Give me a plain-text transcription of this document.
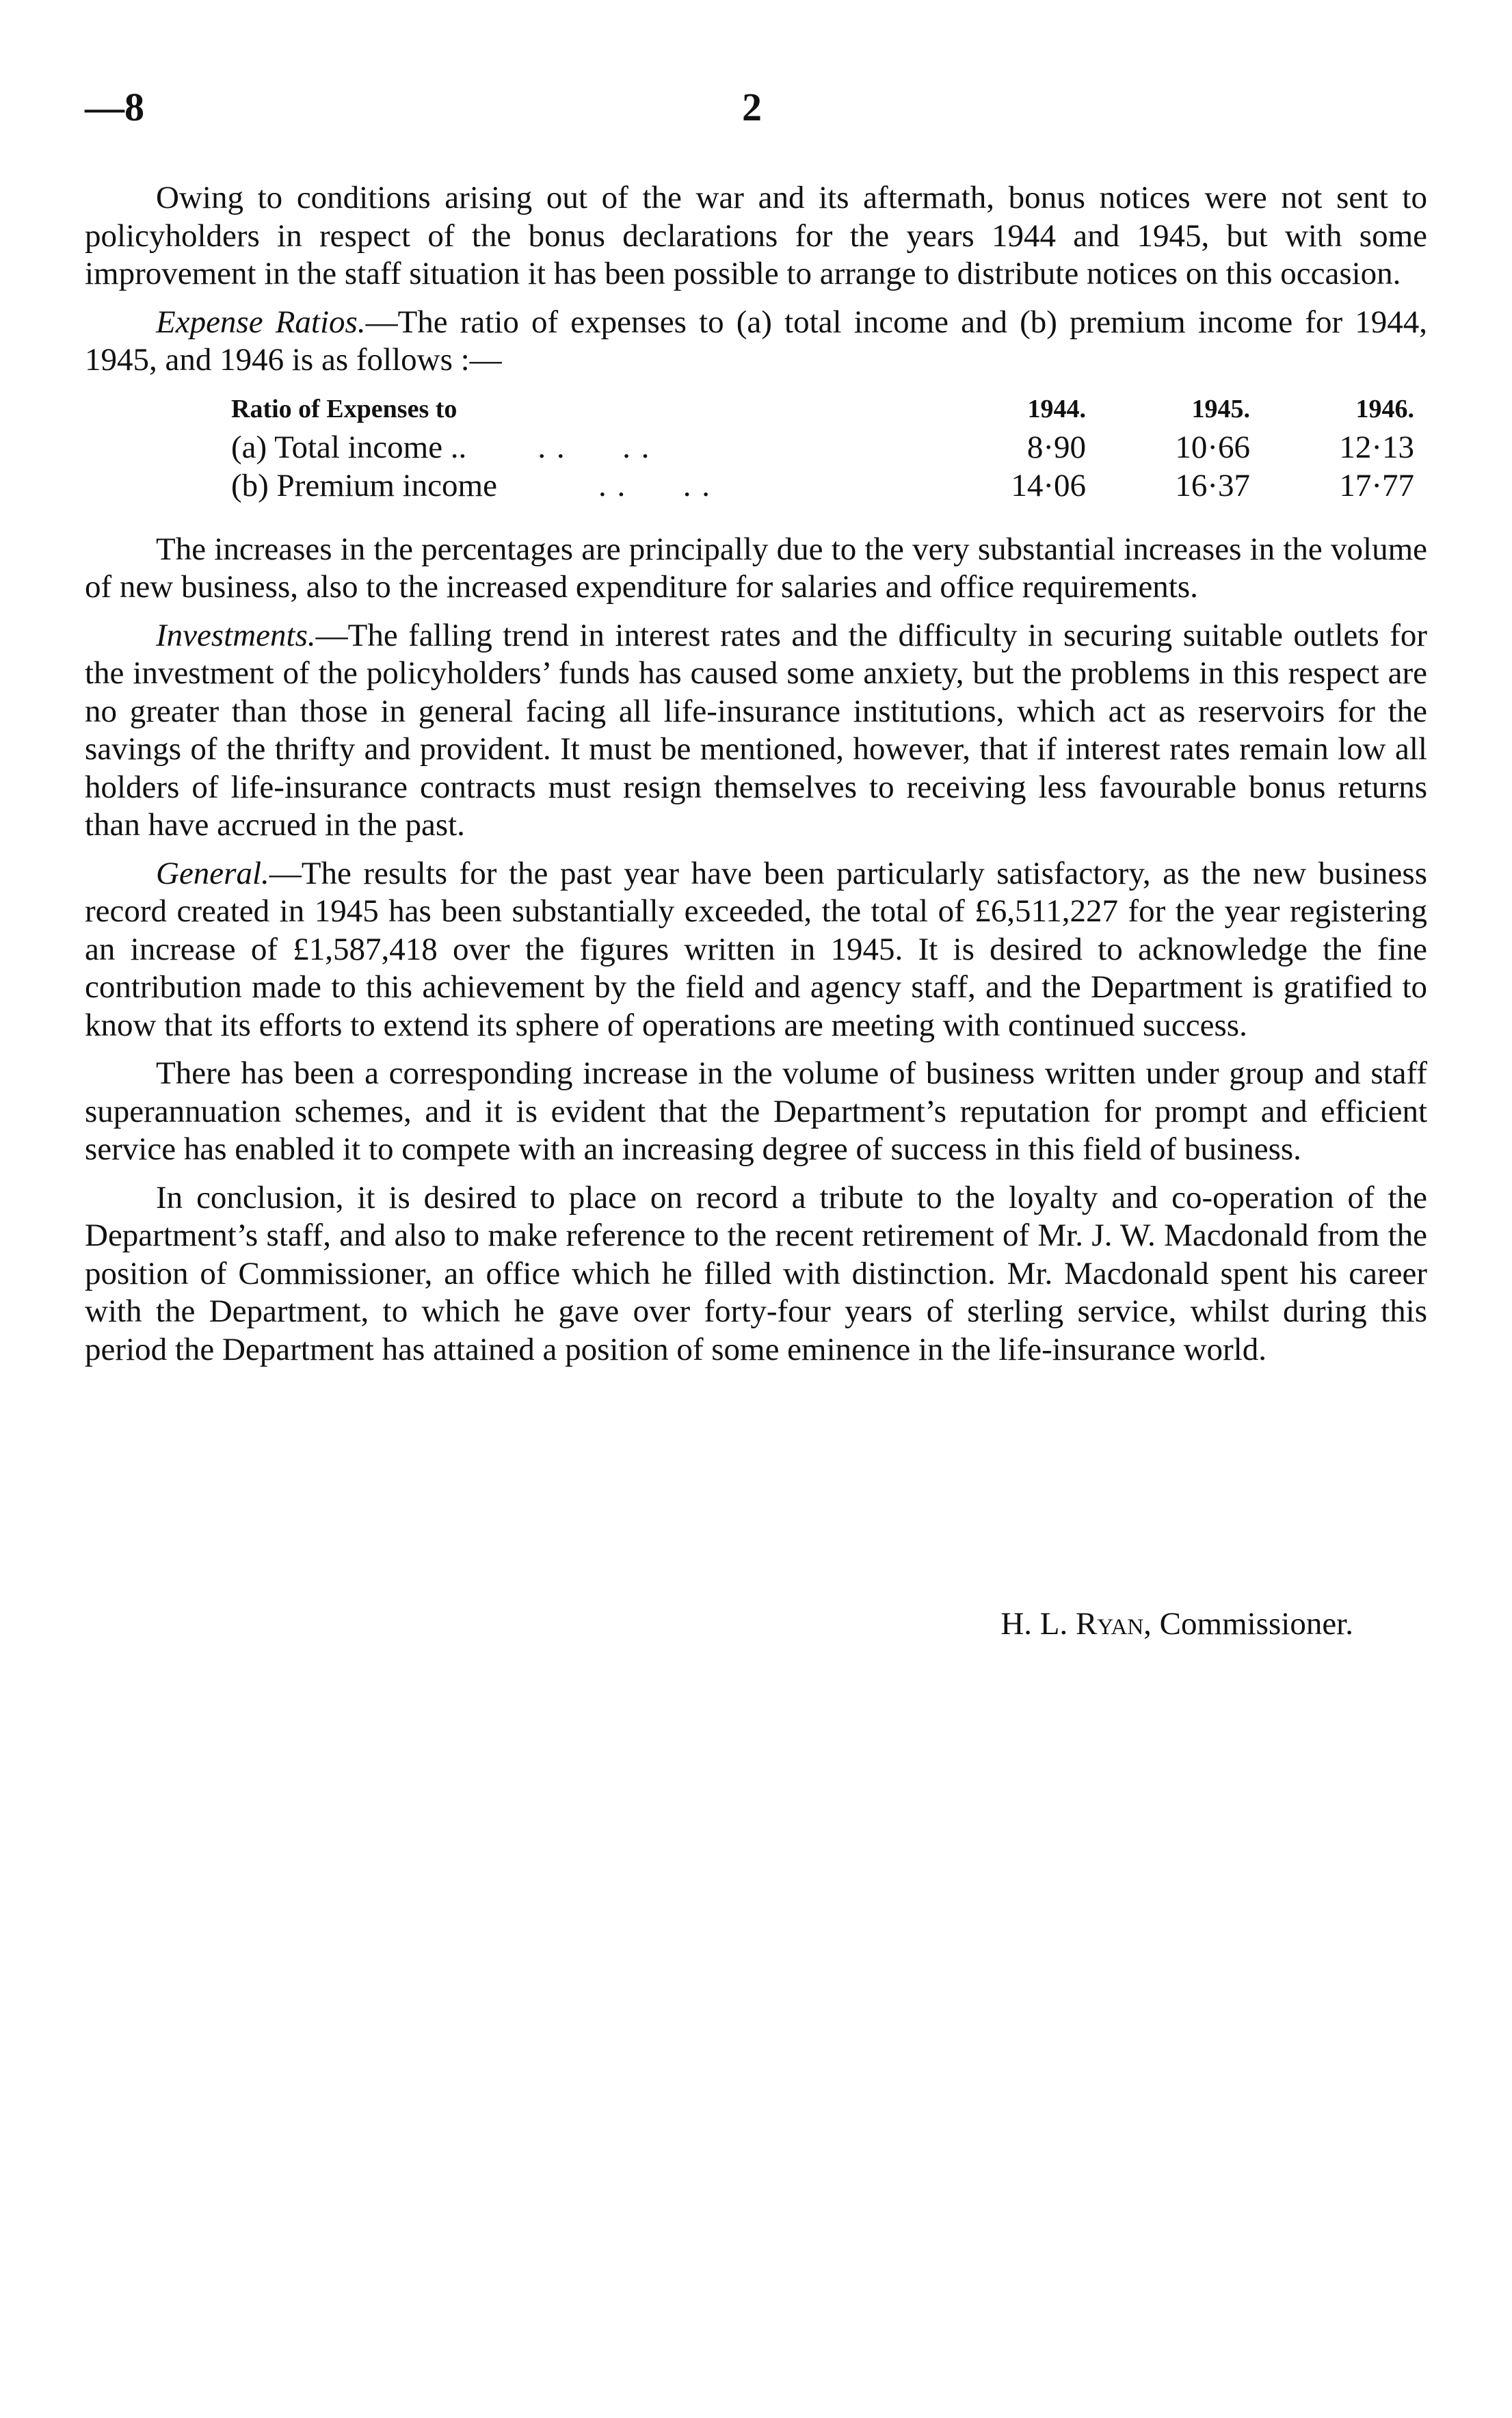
—8	2

Owing to conditions arising out of the war and its aftermath, bonus notices were not sent to policyholders in respect of the bonus declarations for the years 1944 and 1945, but with some improvement in the staff situation it has been possible to arrange to distribute notices on this occasion.

Expense Ratios.—The ratio of expenses to (a) total income and (b) premium income for 1944, 1945, and 1946 is as follows :—

Ratio of Expenses to	1944.	1945.	1946.
(a) Total income .. . .      . .	8·90	10·66	12·13
(b) Premium income . .      . .	14·06	16·37	17·77

The increases in the percentages are principally due to the very substantial increases in the volume of new business, also to the increased expenditure for salaries and office requirements.

Investments.—The falling trend in interest rates and the difficulty in securing suitable outlets for the investment of the policyholders’ funds has caused some anxiety, but the problems in this respect are no greater than those in general facing all life-insurance institutions, which act as reservoirs for the savings of the thrifty and provident. It must be mentioned, however, that if interest rates remain low all holders of life-insurance contracts must resign themselves to receiving less favourable bonus returns than have accrued in the past.

General.—The results for the past year have been particularly satisfactory, as the new business record created in 1945 has been substantially exceeded, the total of £6,511,227 for the year registering an increase of £1,587,418 over the figures written in 1945. It is desired to acknowledge the fine contribution made to this achievement by the field and agency staff, and the Department is gratified to know that its efforts to extend its sphere of operations are meeting with continued success.

There has been a corresponding increase in the volume of business written under group and staff superannuation schemes, and it is evident that the Department’s reputation for prompt and efficient service has enabled it to compete with an increasing degree of success in this field of business.

In conclusion, it is desired to place on record a tribute to the loyalty and co-operation of the Department’s staff, and also to make reference to the recent retirement of Mr. J. W. Macdonald from the position of Commissioner, an office which he filled with distinction. Mr. Macdonald spent his career with the Department, to which he gave over forty-four years of sterling service, whilst during this period the Department has attained a position of some eminence in the life-insurance world.

H. L. Ryan, Commissioner.
